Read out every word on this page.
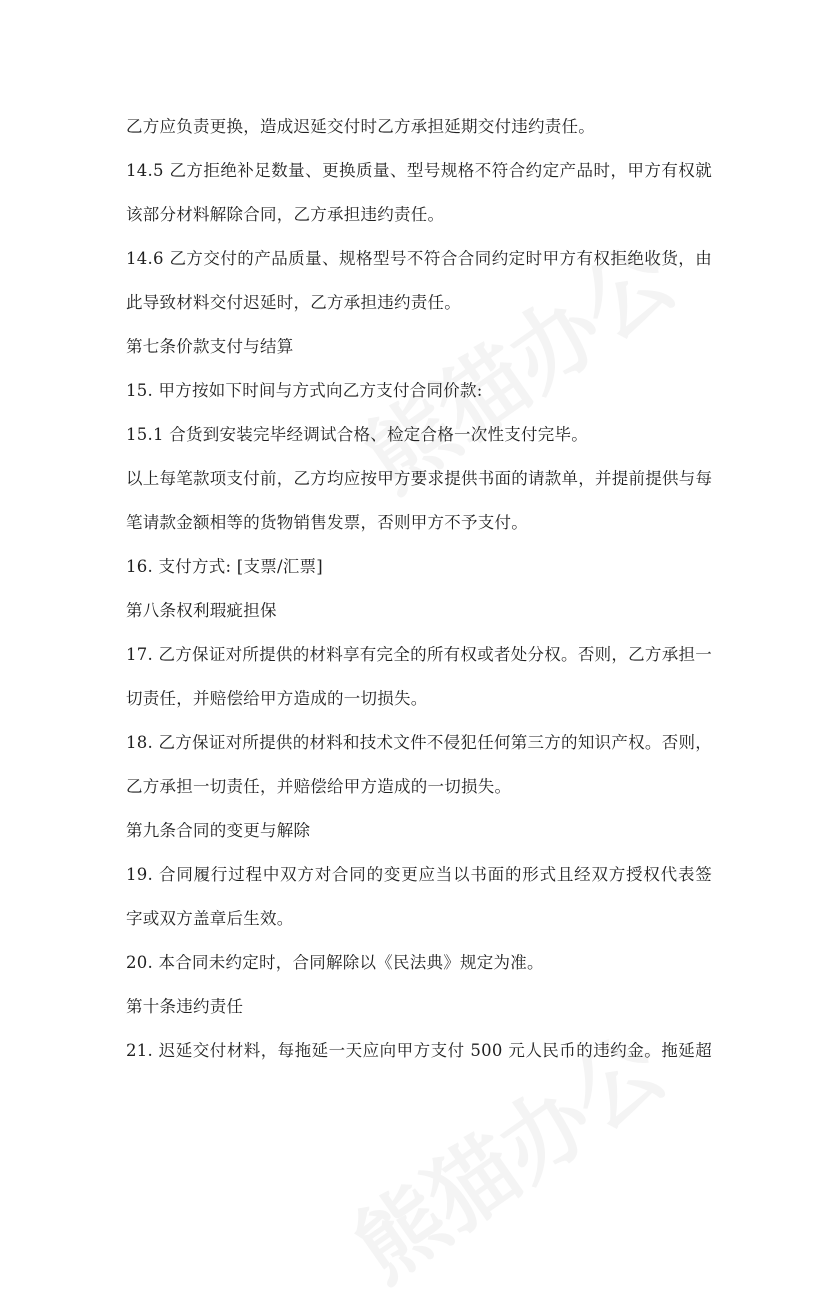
乙方应负责更换，造成迟延交付时乙方承担延期交付违约责任。
14.5 乙方拒绝补足数量、更换质量、型号规格不符合约定产品时，甲方有权就
该部分材料解除合同，乙方承担违约责任。
14.6 乙方交付的产品质量、规格型号不符合合同约定时甲方有权拒绝收货，由
此导致材料交付迟延时，乙方承担违约责任。
第七条价款支付与结算
15. 甲方按如下时间与方式向乙方支付合同价款:
15.1 合货到安装完毕经调试合格、检定合格一次性支付完毕。
以上每笔款项支付前，乙方均应按甲方要求提供书面的请款单，并提前提供与每
笔请款金额相等的货物销售发票，否则甲方不予支付。
16. 支付方式: [支票/汇票]
第八条权利瑕疵担保
17. 乙方保证对所提供的材料享有完全的所有权或者处分权。否则，乙方承担一
切责任，并赔偿给甲方造成的一切损失。
18. 乙方保证对所提供的材料和技术文件不侵犯任何第三方的知识产权。否则，
乙方承担一切责任，并赔偿给甲方造成的一切损失。
第九条合同的变更与解除
19. 合同履行过程中双方对合同的变更应当以书面的形式且经双方授权代表签
字或双方盖章后生效。
20. 本合同未约定时，合同解除以《民法典》规定为准。
第十条违约责任
21. 迟延交付材料，每拖延一天应向甲方支付 500 元人民币的违约金。拖延超
